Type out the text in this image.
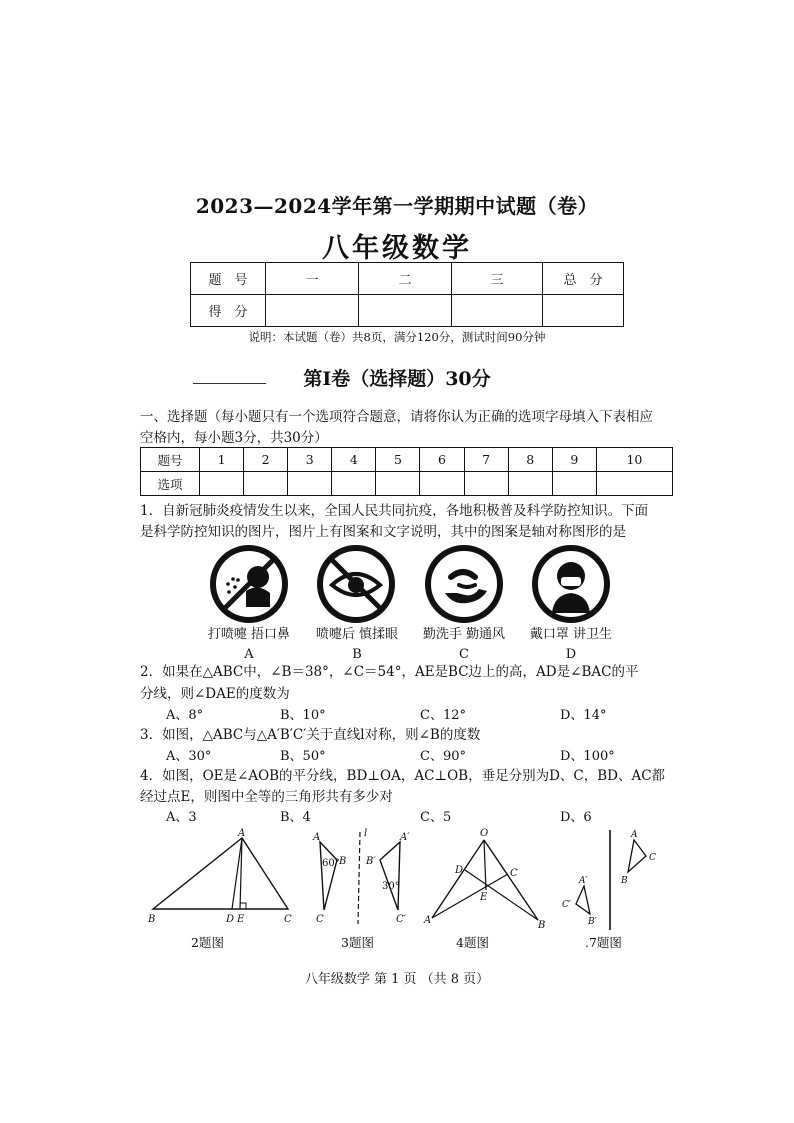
2023—2024学年第一学期期中试题（卷）
八年级数学
题　号	一	二	三	总　分
得　分				
说明：本试题（卷）共8页，满分120分，测试时间90分钟
第Ⅰ卷（选择题）30分
一、选择题（每小题只有一个选项符合题意，请将你认为正确的选项字母填入下表相应
空格内，每小题3分，共30分）
题号	1	2	3	4	5	6	7	8	9	10
选项										
1．自新冠肺炎疫情发生以来，全国人民共同抗疫，各地积极普及科学防控知识。下面
是科学防控知识的图片，图片上有图案和文字说明，其中的图案是轴对称图形的是
打喷嚏 捂口鼻
A
喷嚏后 慎揉眼
B
勤洗手 勤通风
C
戴口罩 讲卫生
D
2．如果在△ABC中，∠B＝38°，∠C＝54°，AE是BC边上的高，AD是∠BAC的平
分线，则∠DAE的度数为
A、8°	B、10°	C、12°	D、14°
3．如图，△ABC与△A′B′C′关于直线l对称，则∠B的度数
A、30°	B、50°	C、90°	D、100°
4．如图，OE是∠AOB的平分线，BD⊥OA，AC⊥OB，垂足分别为D、C，BD、AC都
经过点E，则图中全等的三角形共有多少对
A、3	B、4	C、5	D、6
A
B	D E	C
A
B
C
A′
B′
C′
l
60°
30°
O
D	C
E
A	B
A
B
C
A′
B′
C′
2题图	3题图	4题图	.7题图
八年级数学 第 1 页 （共 8 页）
